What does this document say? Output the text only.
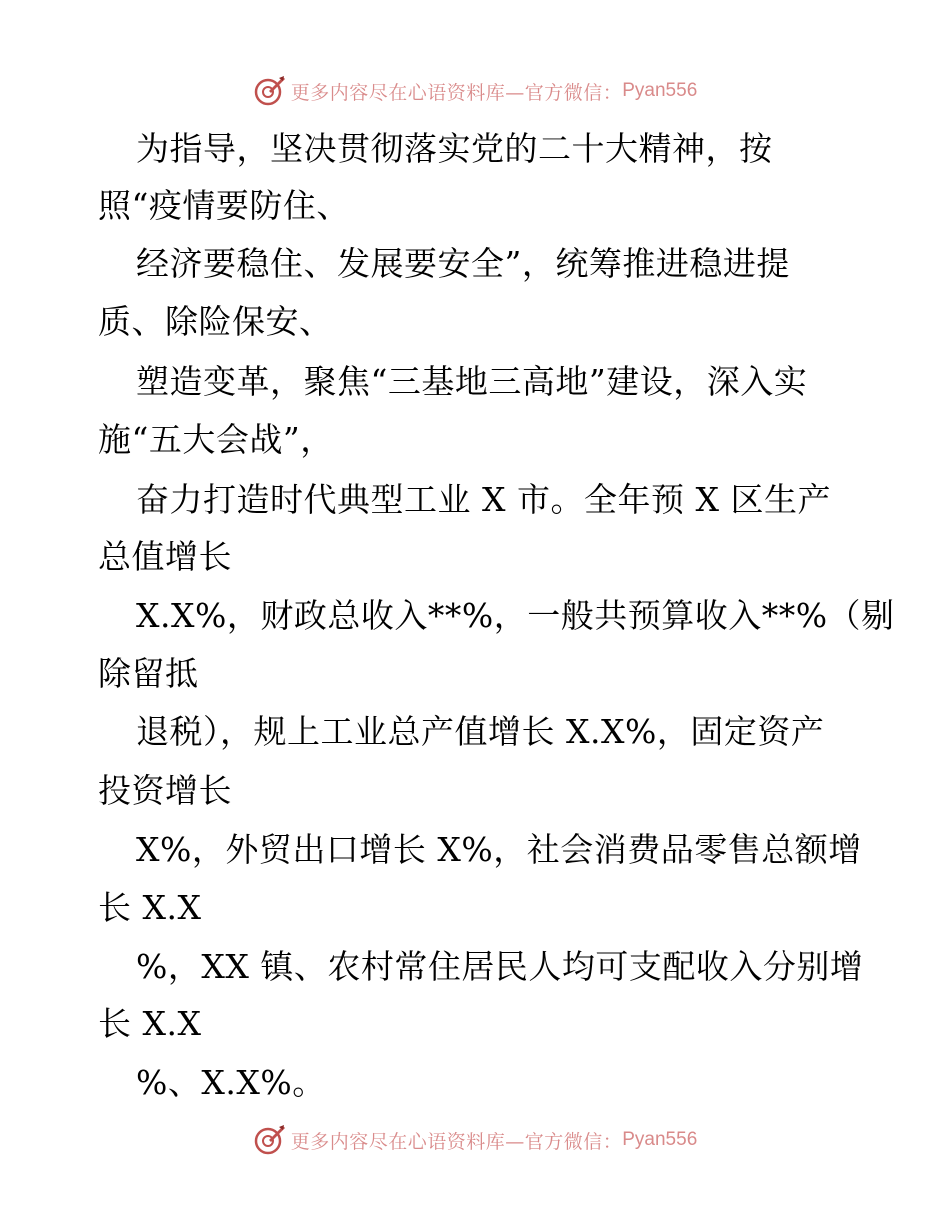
更多内容尽在心语资料库—官方微信： Pyan556
为指导，坚决贯彻落实党的二十大精神，按
照“疫情要防住、
经济要稳住、发展要安全”，统筹推进稳进提
质、除险保安、
塑造变革，聚焦“三基地三高地”建设，深入实
施“五大会战”，
奋力打造时代典型工业 X 市。全年预 X 区生产
总值增长
X.X%，财政总收入**%，一般共预算收入**%（剔
除留抵
退税），规上工业总产值增长 X.X%，固定资产
投资增长
X%，外贸出口增长 X%，社会消费品零售总额增
长 X.X
%，XX 镇、农村常住居民人均可支配收入分别增
长 X.X
%、X.X%。
更多内容尽在心语资料库—官方微信： Pyan556
